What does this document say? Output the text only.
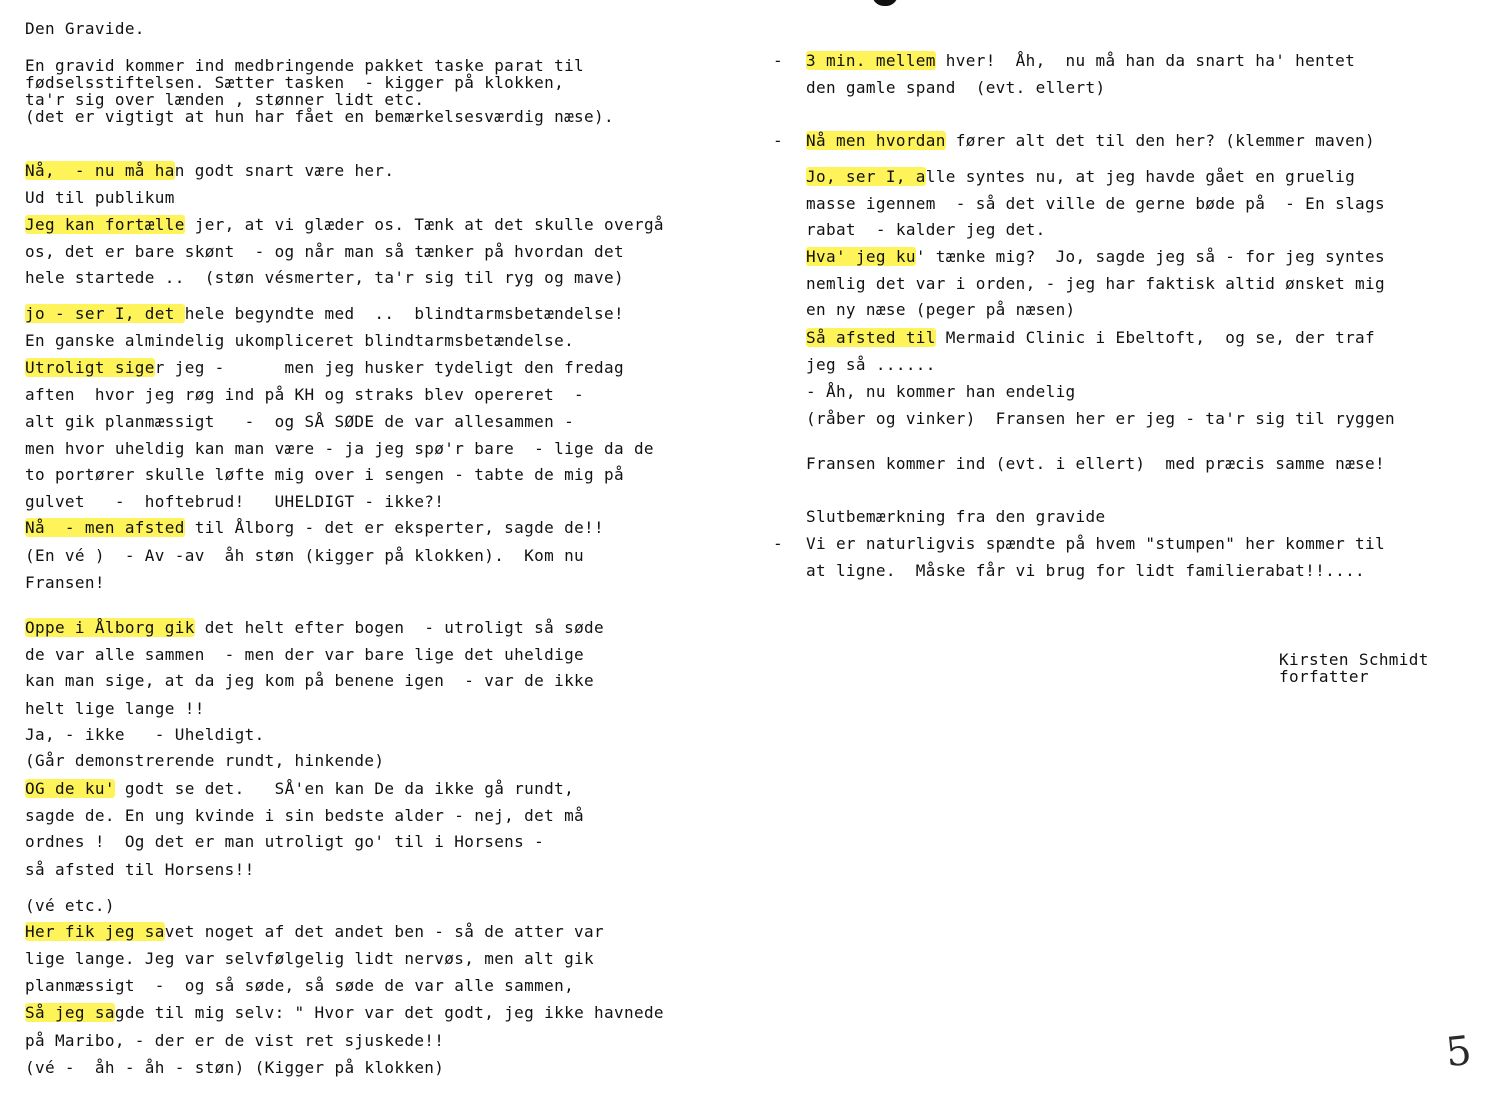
Den Gravide.
En gravid kommer ind medbringende pakket taske parat til
fødselsstiftelsen. Sætter tasken  - kigger på klokken,
ta'r sig over lænden , stønner lidt etc.
(det er vigtigt at hun har fået en bemærkelsesværdig næse).
Nå,  - nu må han godt snart være her.
Ud til publikum
Jeg kan fortælle jer, at vi glæder os. Tænk at det skulle overgå
os, det er bare skønt  - og når man så tænker på hvordan det
hele startede ..  (støn vésmerter, ta'r sig til ryg og mave)
jo - ser I, det hele begyndte med  ..  blindtarmsbetændelse!
En ganske almindelig ukompliceret blindtarmsbetændelse.
Utroligt siger jeg -      men jeg husker tydeligt den fredag
aften  hvor jeg røg ind på KH og straks blev opereret  -
alt gik planmæssigt   -  og SÅ SØDE de var allesammen -
men hvor uheldig kan man være - ja jeg spø'r bare  - lige da de
to portører skulle løfte mig over i sengen - tabte de mig på
gulvet   -  hoftebrud!   UHELDIGT - ikke?!
Nå  - men afsted til Ålborg - det er eksperter, sagde de!!
(En vé )  - Av -av  åh støn (kigger på klokken).  Kom nu
Fransen!
Oppe i Ålborg gik det helt efter bogen  - utroligt så søde
de var alle sammen  - men der var bare lige det uheldige
kan man sige, at da jeg kom på benene igen  - var de ikke
helt lige lange !!
Ja, - ikke   - Uheldigt.
(Går demonstrerende rundt, hinkende)
OG de ku' godt se det.   SÅ'en kan De da ikke gå rundt,
sagde de. En ung kvinde i sin bedste alder - nej, det må
ordnes !  Og det er man utroligt go' til i Horsens -
så afsted til Horsens!!
(vé etc.)
Her fik jeg savet noget af det andet ben - så de atter var
lige lange. Jeg var selvfølgelig lidt nervøs, men alt gik
planmæssigt  -  og så søde, så søde de var alle sammen,
Så jeg sagde til mig selv: " Hvor var det godt, jeg ikke havnede
på Maribo, - der er de vist ret sjuskede!!
(vé -  åh - åh - støn) (Kigger på klokken)
-
-
-
3 min. mellem hver!  Åh,  nu må han da snart ha' hentet
den gamle spand  (evt. ellert)
Nå men hvordan fører alt det til den her? (klemmer maven)
Jo, ser I, alle syntes nu, at jeg havde gået en gruelig
masse igennem  - så det ville de gerne bøde på  - En slags
rabat  - kalder jeg det.
Hva' jeg ku' tænke mig?  Jo, sagde jeg så - for jeg syntes
nemlig det var i orden, - jeg har faktisk altid ønsket mig
en ny næse (peger på næsen)
Så afsted til Mermaid Clinic i Ebeltoft,  og se, der traf
jeg så ......
- Åh, nu kommer han endelig
(råber og vinker)  Fransen her er jeg - ta'r sig til ryggen
Fransen kommer ind (evt. i ellert)  med præcis samme næse!
Slutbemærkning fra den gravide
Vi er naturligvis spændte på hvem "stumpen" her kommer til
at ligne.  Måske får vi brug for lidt familierabat!!....
Kirsten Schmidt
forfatter
5
